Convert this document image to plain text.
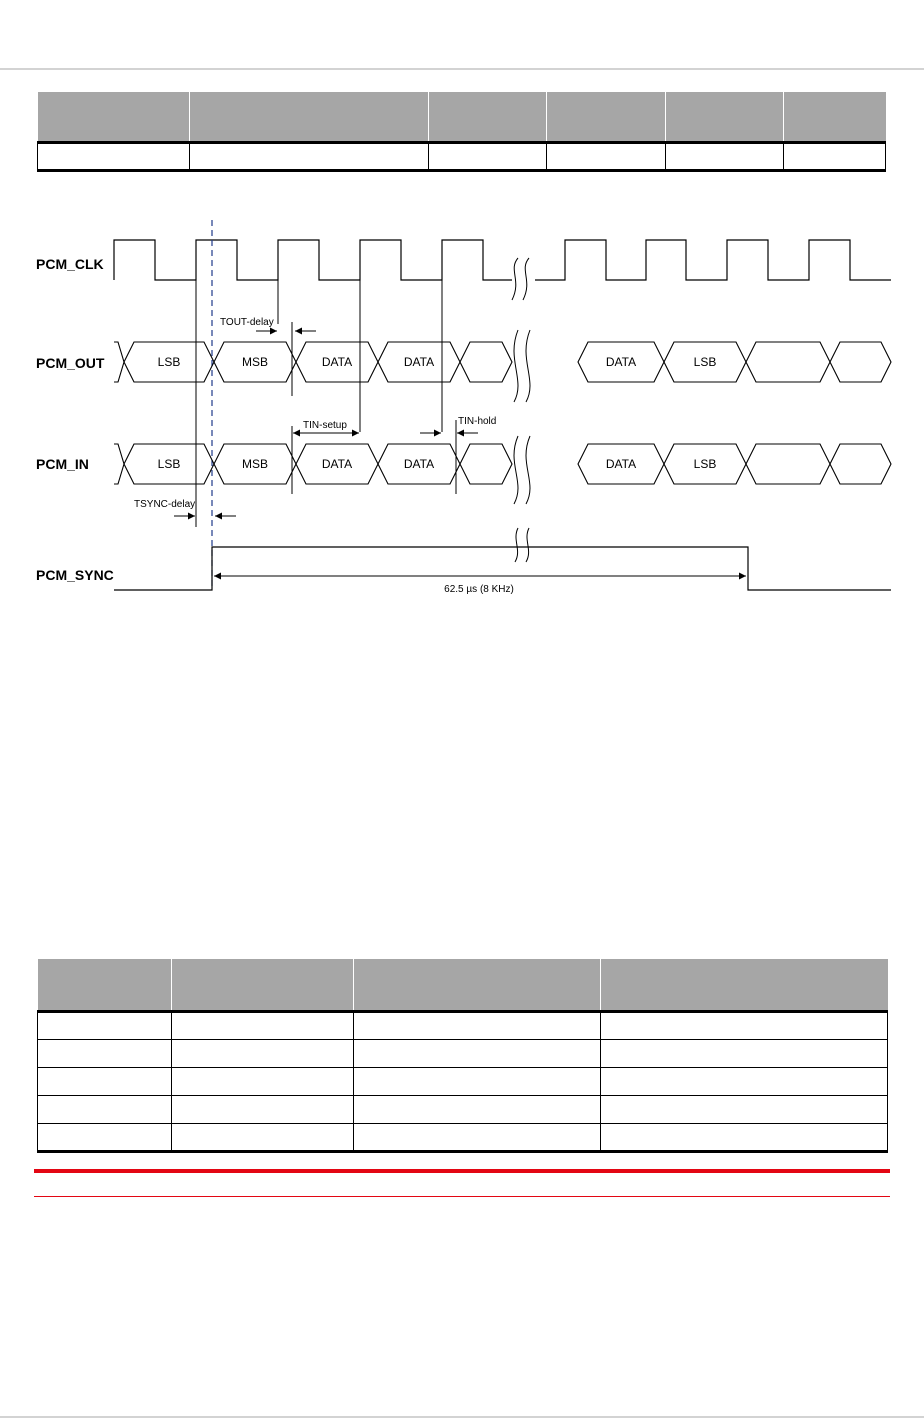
PCM_CLK
PCM_OUT
PCM_IN
PCM_SYNC
LSB	MSB	DATA	DATA	DATA	LSB
LSB	MSB	DATA	DATA	DATA	LSB
TOUT-delay
TIN-setup	TIN-hold
TSYNC-delay
62.5 µs (8 KHz)
